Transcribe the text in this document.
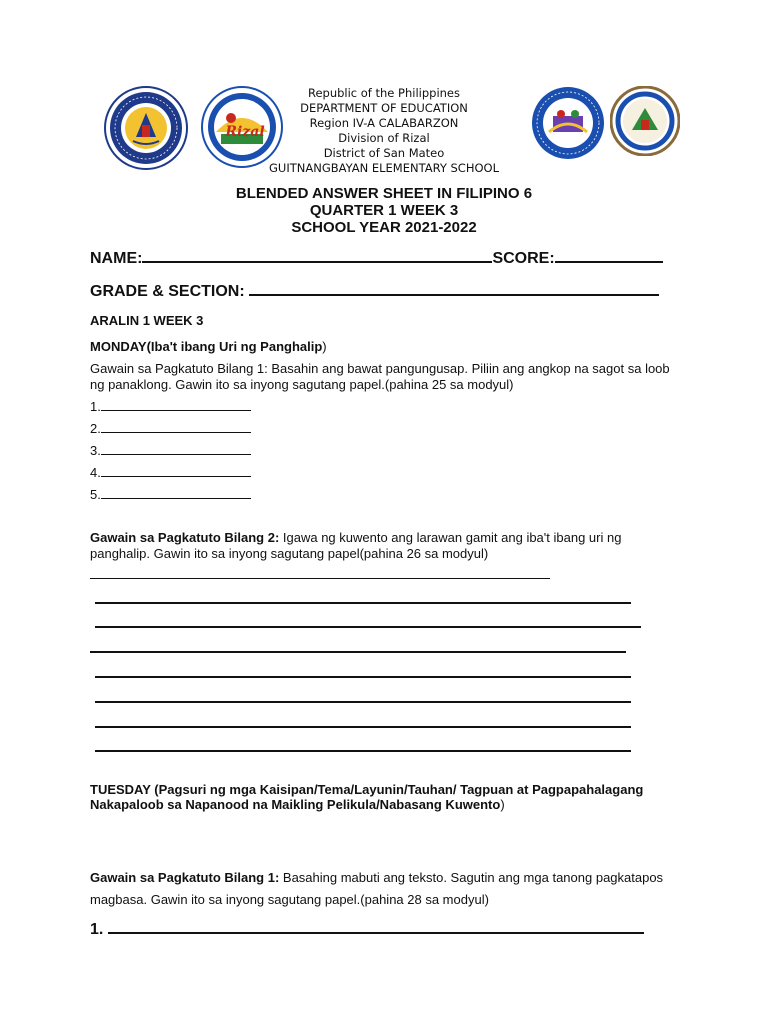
Rizal
Republic of the Philippines
DEPARTMENT OF EDUCATION
Region IV-A CALABARZON
Division of Rizal
District of San Mateo
GUITNANGBAYAN ELEMENTARY SCHOOL
BLENDED ANSWER SHEET IN FILIPINO 6
QUARTER 1 WEEK 3
SCHOOL YEAR 2021-2022
NAME:	SCORE:
GRADE & SECTION:
ARALIN 1 WEEK 3
MONDAY(Iba't ibang Uri ng Panghalip)
Gawain sa Pagkatuto Bilang 1: Basahin ang bawat pangungusap. Piliin ang angkop na sagot sa loob ng panaklong. Gawin ito sa inyong sagutang papel.(pahina 25 sa modyul)
1.
2.
3.
4.
5.
Gawain sa Pagkatuto Bilang 2: Igawa ng kuwento ang larawan gamit ang iba't ibang uri ng panghalip. Gawin ito sa inyong sagutang papel(pahina 26 sa modyul)
TUESDAY (Pagsuri ng mga Kaisipan/Tema/Layunin/Tauhan/ Tagpuan at Pagpapahalagang Nakapaloob sa Napanood na Maikling Pelikula/Nabasang Kuwento)
Gawain sa Pagkatuto Bilang 1: Basahing mabuti ang teksto. Sagutin ang mga tanong pagkatapos magbasa. Gawin ito sa inyong sagutang papel.(pahina 28 sa modyul)
1.
